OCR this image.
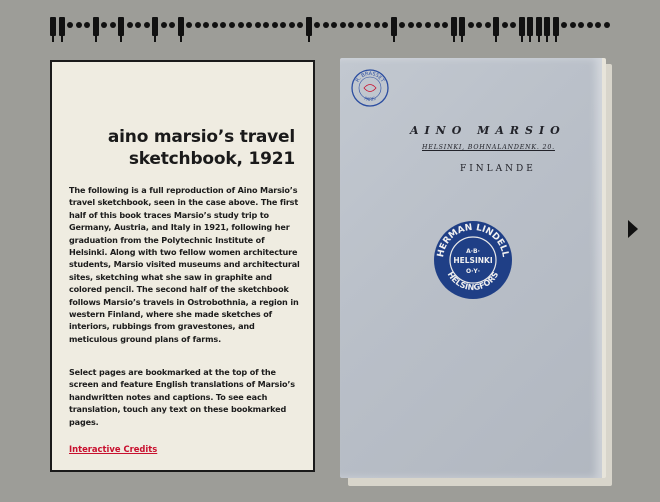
aino marsio’s travel sketchbook, 1921

The following is a full reproduction of Aino Marsio’s travel sketchbook, seen in the case above. The first half of this book traces Marsio’s study trip to Germany, Austria, and Italy in 1921, following her graduation from the Polytechnic Institute of Helsinki. Along with two fellow women architecture students, Marsio visited museums and architectural sites, sketching what she saw in graphite and colored pencil. The second half of the sketchbook follows Marsio’s travels in Ostrobothnia, a region in western Finland, where she made sketches of interiors, rubbings from gravestones, and meticulous ground plans of farms.

Select pages are bookmarked at the top of the screen and feature English translations of Marsio’s handwritten notes and captions. To see each translation, touch any text on these bookmarked pages.

Interactive Credits
R. BRASSET
PARIS

AINO MARSIO

HELSINKI, BOHNALANDENK. 20.

FINLANDE

HERMAN LINDELL
HELSINGFORS
A·B·
HELSINKI
O·Y·
